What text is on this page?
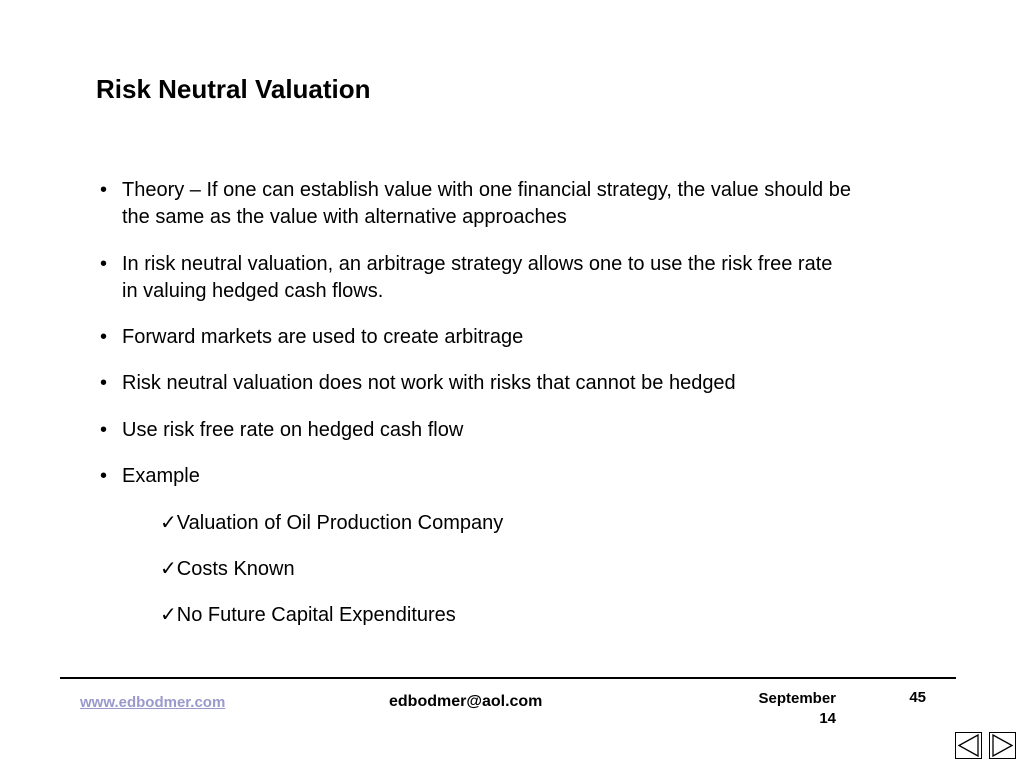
Risk Neutral Valuation
• Theory – If one can establish value with one financial strategy, the value should be the same as the value with alternative approaches
• In risk neutral valuation, an arbitrage strategy allows one to use the risk free rate in valuing hedged cash flows.
• Forward markets are used to create arbitrage
• Risk neutral valuation does not work with risks that cannot be hedged
• Use risk free rate on hedged cash flow
• Example
✓Valuation of Oil Production Company
✓Costs Known
✓No Future Capital Expenditures
www.edbodmer.com	edbodmer@aol.com	September
14
45
